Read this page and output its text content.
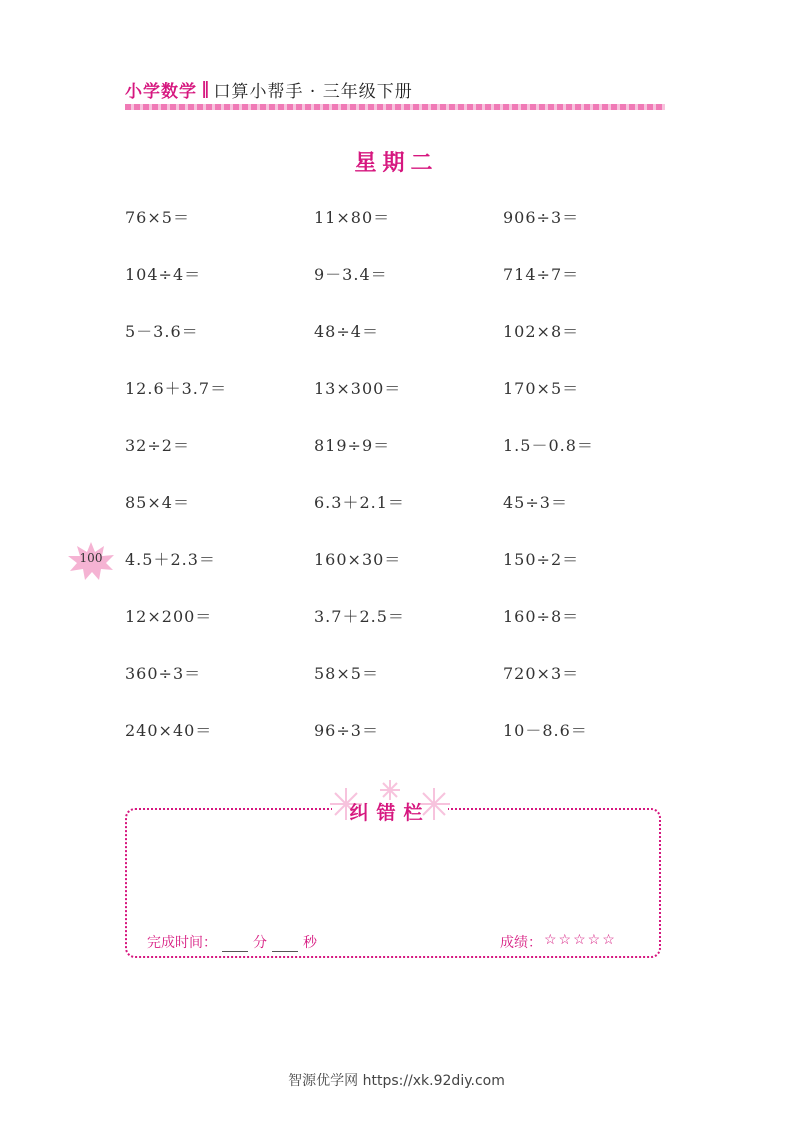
小学数学 ‖ 口算小帮手 · 三年级下册
星期二
76×5＝	11×80＝	906÷3＝
104÷4＝	9－3.4＝	714÷7＝
5－3.6＝	48÷4＝	102×8＝
12.6＋3.7＝	13×300＝	170×5＝
32÷2＝	819÷9＝	1.5－0.8＝
85×4＝	6.3＋2.1＝	45÷3＝
4.5＋2.3＝	160×30＝	150÷2＝
12×200＝	3.7＋2.5＝	160÷8＝
360÷3＝	58×5＝	720×3＝
240×40＝	96÷3＝	10－8.6＝
100
纠错栏
完成时间：	分	秒	成绩： ☆☆☆☆☆
智源优学网 https://xk.92diy.com
